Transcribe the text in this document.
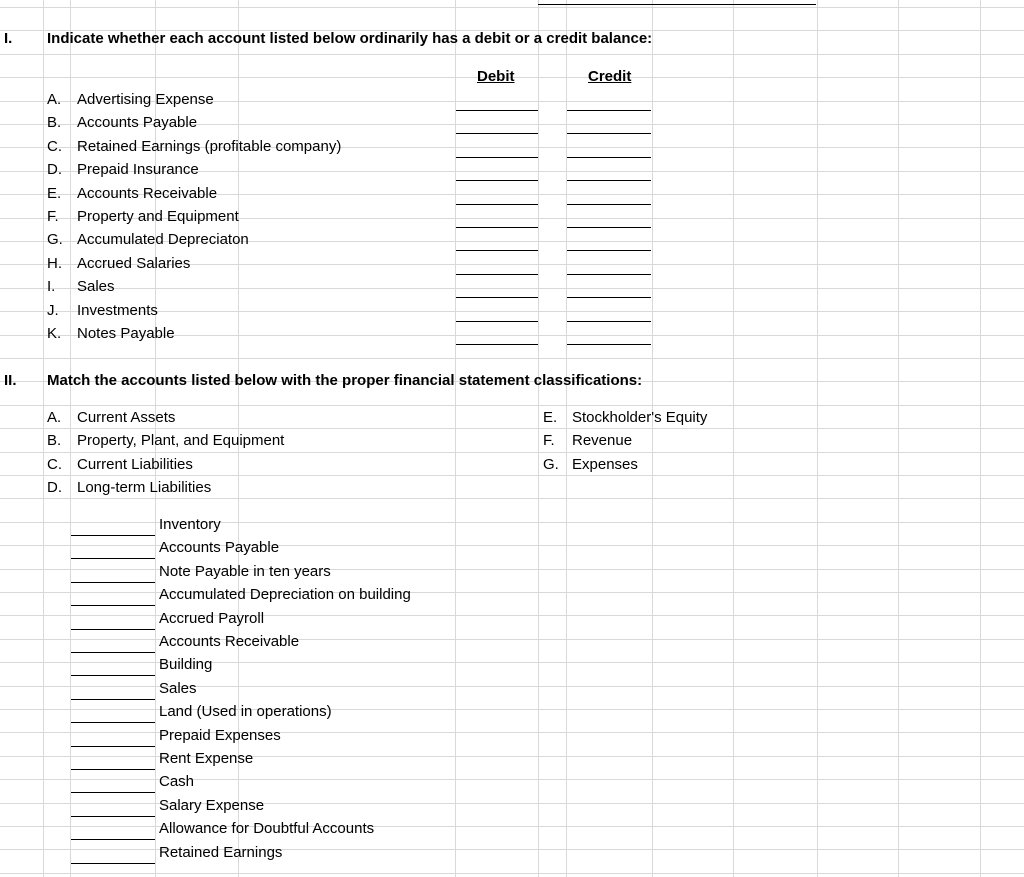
I. Indicate whether each account listed below ordinarily has a debit or a credit balance:
Debit	Credit
A. Advertising Expense
B. Accounts Payable
C. Retained Earnings (profitable company)
D. Prepaid Insurance
E. Accounts Receivable
F. Property and Equipment
G. Accumulated Depreciaton
H. Accrued Salaries
I. Sales
J. Investments
K. Notes Payable
II. Match the accounts listed below with the proper financial statement classifications:
A. Current Assets
B. Property, Plant, and Equipment
C. Current Liabilities
D. Long-term Liabilities
E. Stockholder's Equity
F. Revenue
G. Expenses
Inventory
Accounts Payable
Note Payable in ten years
Accumulated Depreciation on building
Accrued Payroll
Accounts Receivable
Building
Sales
Land (Used in operations)
Prepaid Expenses
Rent Expense
Cash
Salary Expense
Allowance for Doubtful Accounts
Retained Earnings
